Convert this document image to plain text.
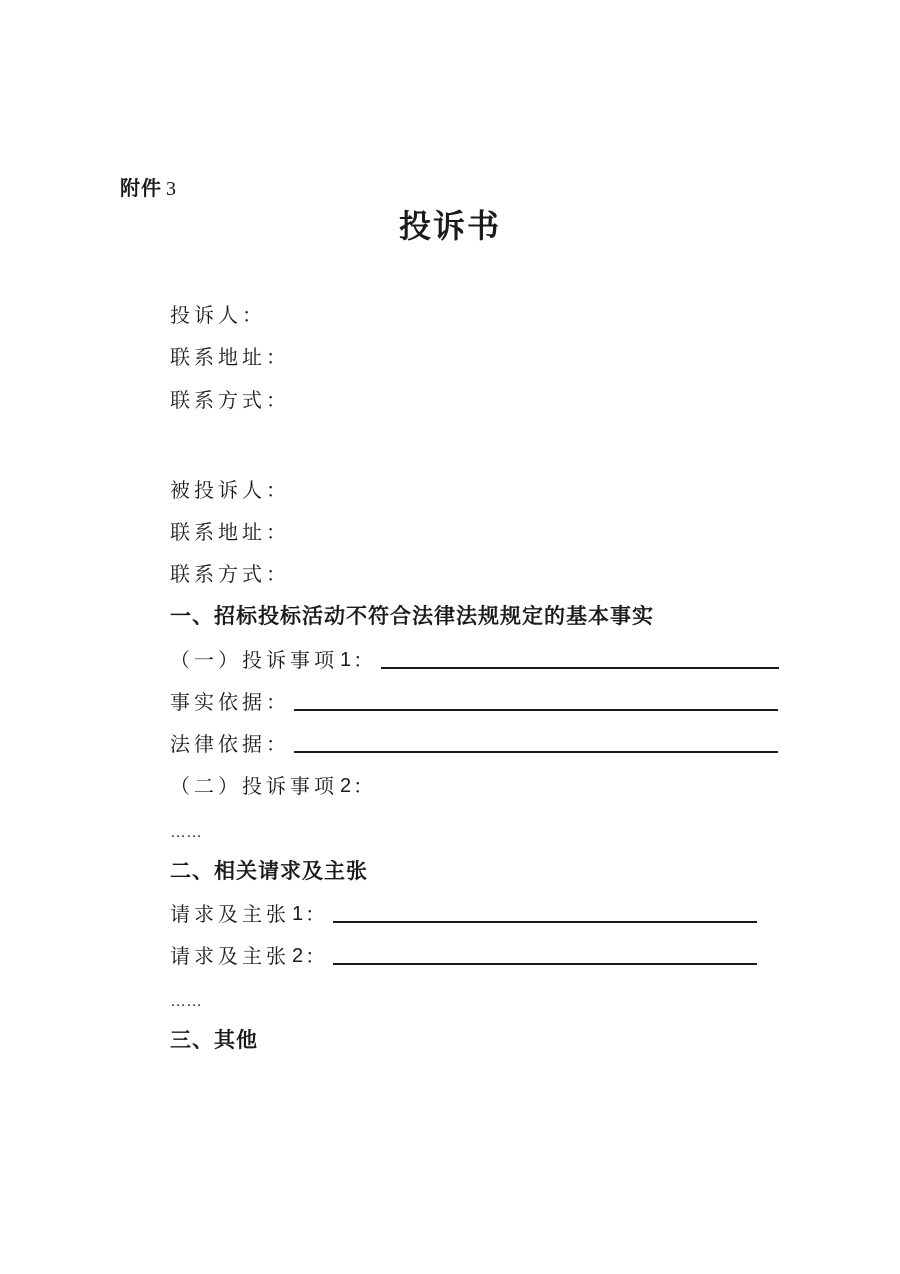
附件 3
投诉书
投诉人：
联系地址：
联系方式：
被投诉人：
联系地址：
联系方式：
一、招标投标活动不符合法律法规规定的基本事实
（一）投诉事项 1 ：
事实依据：
法律依据：
（二）投诉事项 2 ：
……
二、相关请求及主张
请求及主张 1 ：
请求及主张 2 ：
……
三、其他
